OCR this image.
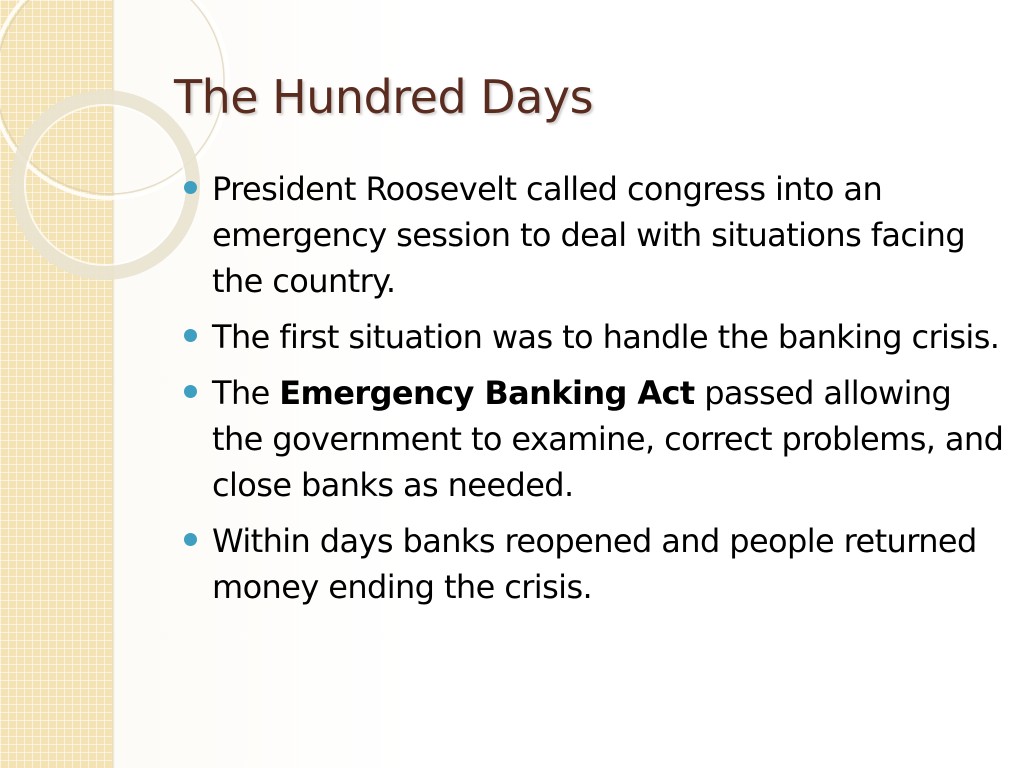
The Hundred Days
President Roosevelt called congress into an emergency session to deal with situations facing the country.
The first situation was to handle the banking crisis.
The Emergency Banking Act passed allowing the government to examine, correct problems, and close banks as needed.
Within days banks reopened and people returned money ending the crisis.
